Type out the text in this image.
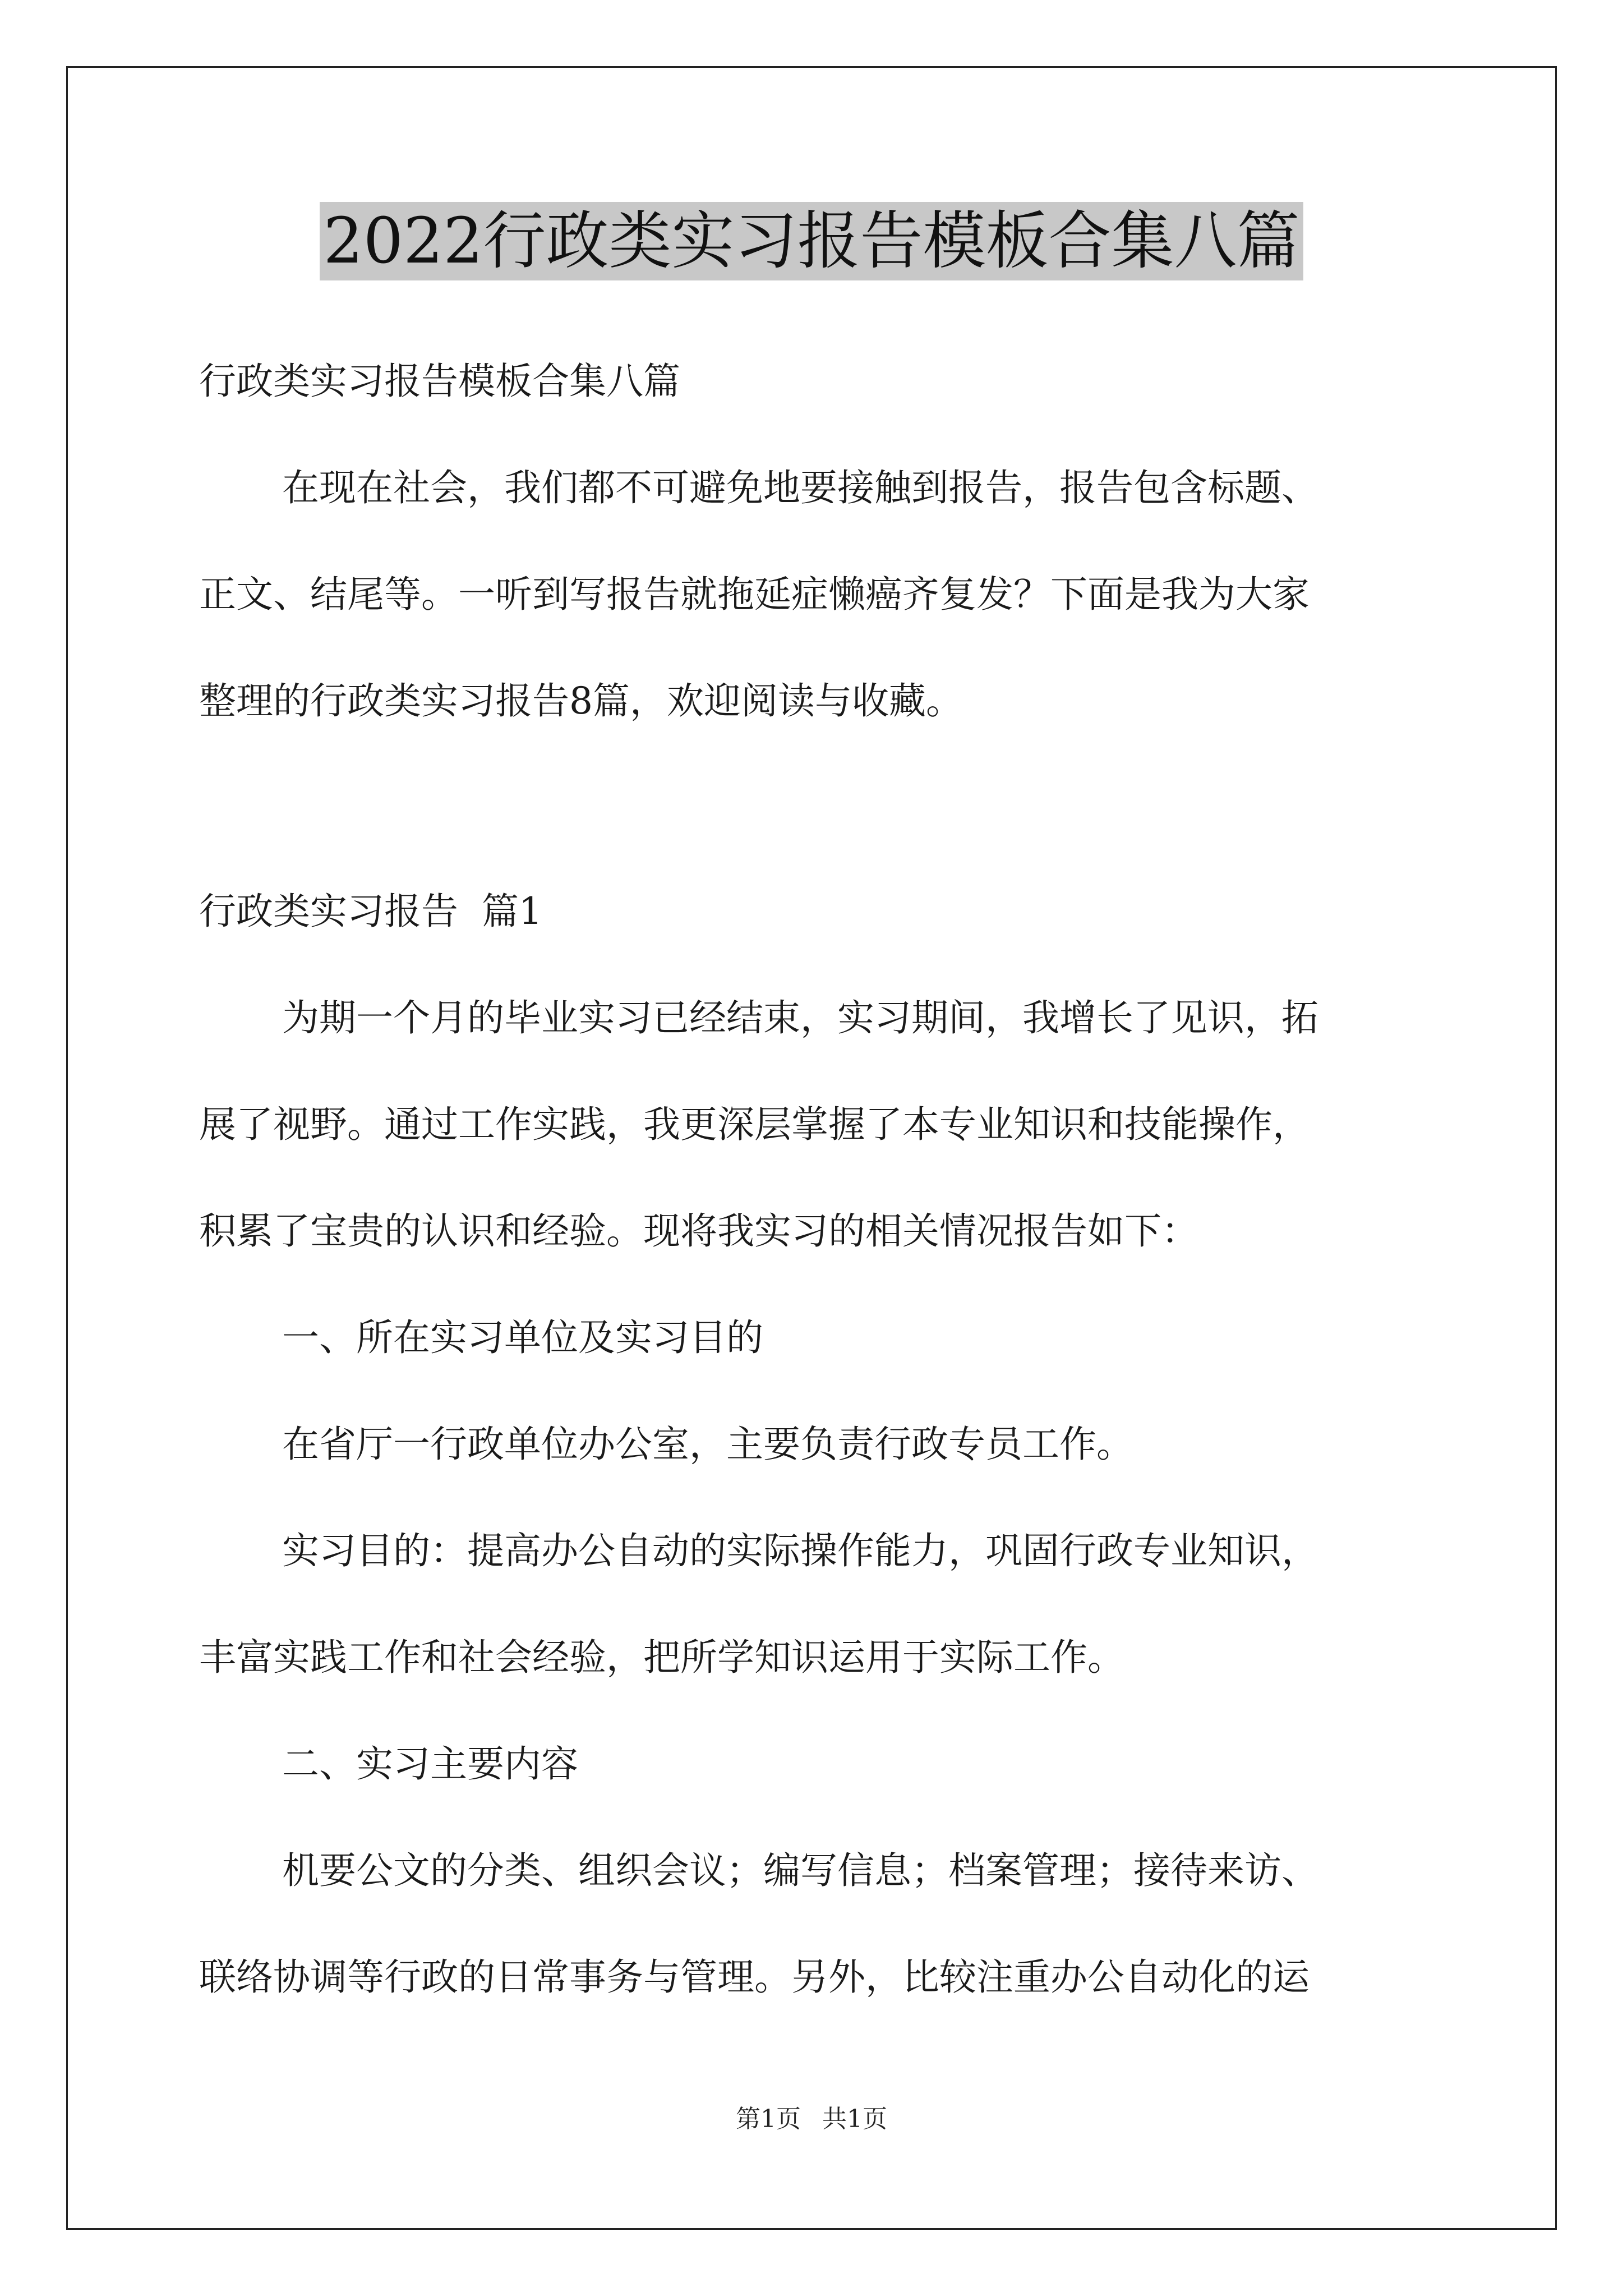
2022行政类实习报告模板合集八篇
行政类实习报告模板合集八篇
在现在社会，我们都不可避免地要接触到报告，报告包含标题、
正文、结尾等。一听到写报告就拖延症懒癌齐复发？下面是我为大家
整理的行政类实习报告8篇，欢迎阅读与收藏。
行政类实习报告  篇1
为期一个月的毕业实习已经结束，实习期间，我增长了见识，拓
展了视野。通过工作实践，我更深层掌握了本专业知识和技能操作，
积累了宝贵的认识和经验。现将我实习的相关情况报告如下：
一、所在实习单位及实习目的
在省厅一行政单位办公室，主要负责行政专员工作。
实习目的：提高办公自动的实际操作能力，巩固行政专业知识，
丰富实践工作和社会经验，把所学知识运用于实际工作。
二、实习主要内容
机要公文的分类、组织会议；编写信息；档案管理；接待来访、
联络协调等行政的日常事务与管理。另外，比较注重办公自动化的运
第1页 共1页
